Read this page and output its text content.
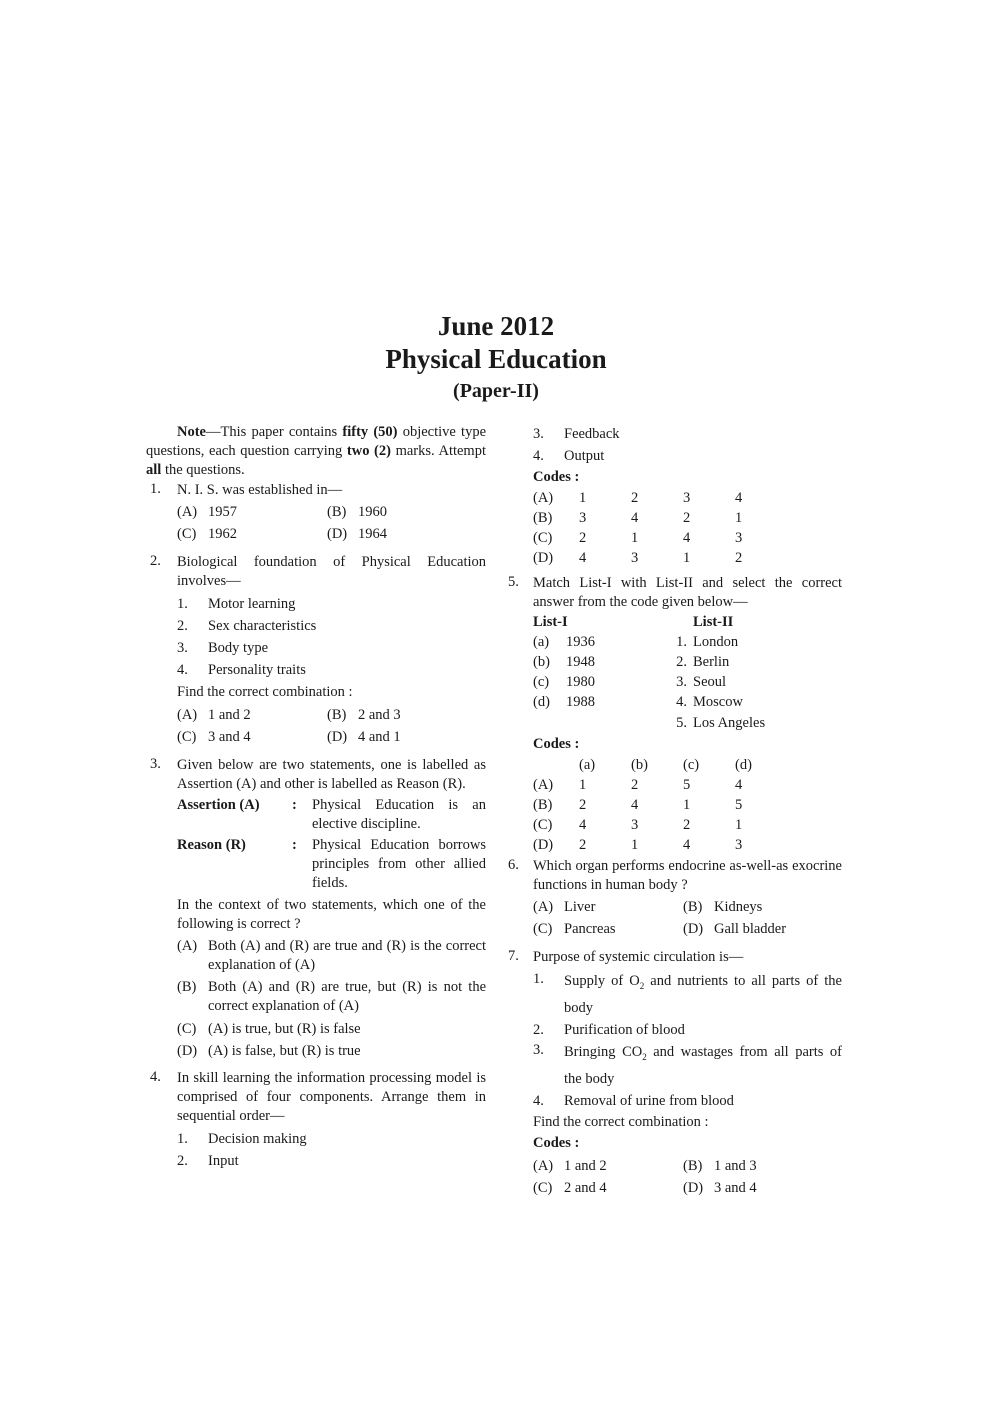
June 2012
Physical Education
(Paper-II)

Note—This paper contains fifty (50) objective type questions, each question carrying two (2) marks. Attempt all the questions.

1.	N. I. S. was established in—

(A) 1957	(B) 1960
(C) 1962	(D) 1964
2.	Biological foundation of Physical Education involves—

1.	Motor learning
2.	Sex characteristics
3.	Body type
4.	Personality traits

Find the correct combination :

(A) 1 and 2	(B) 2 and 3
(C) 3 and 4	(D) 4 and 1
3.	Given below are two statements, one is labelled as Assertion (A) and other is labelled as Reason (R).

Assertion (A)	:	Physical Education is an elective discipline.
Reason (R)	:	Physical Education borrows principles from other allied fields.

In the context of two statements, which one of the following is correct ?

(A) Both (A) and (R) are true and (R) is the correct explanation of (A)
(B) Both (A) and (R) are true, but (R) is not the correct explanation of (A)
(C) (A) is true, but (R) is false
(D) (A) is false, but (R) is true
4.	In skill learning the information processing model is comprised of four components. Arrange them in sequential order—

1.	Decision making
2.	Input
3.	Feedback
4.	Output
Codes :
(A)	1	2	3	4
(B)	3	4	2	1
(C)	2	1	4	3
(D)	4	3	1	2
5. Match List-I with List-II and select the correct answer from the code given below—

List-I	List-II
(a)	1936	1. London
(b)	1948	2. Berlin
(c)	1980	3. Seoul
(d)	1988	4. Moscow
5. Los Angeles
Codes :
(a)	(b)	(c)	(d)
(A)	1	2	5	4
(B)	2	4	1	5
(C)	4	3	2	1
(D)	2	1	4	3
6. Which organ performs endocrine as-well-as exocrine functions in human body ?

(A) Liver	(B) Kidneys
(C) Pancreas	(D) Gall bladder
7. Purpose of systemic circulation is—

1.	Supply of $O_2$ and nutrients to all parts of the body
2.	Purification of blood
3.	Bringing $CO_2$ and wastages from all parts of the body
4.	Removal of urine from blood

Find the correct combination :

Codes :
(A) 1 and 2	(B) 1 and 3
(C) 2 and 4	(D) 3 and 4
